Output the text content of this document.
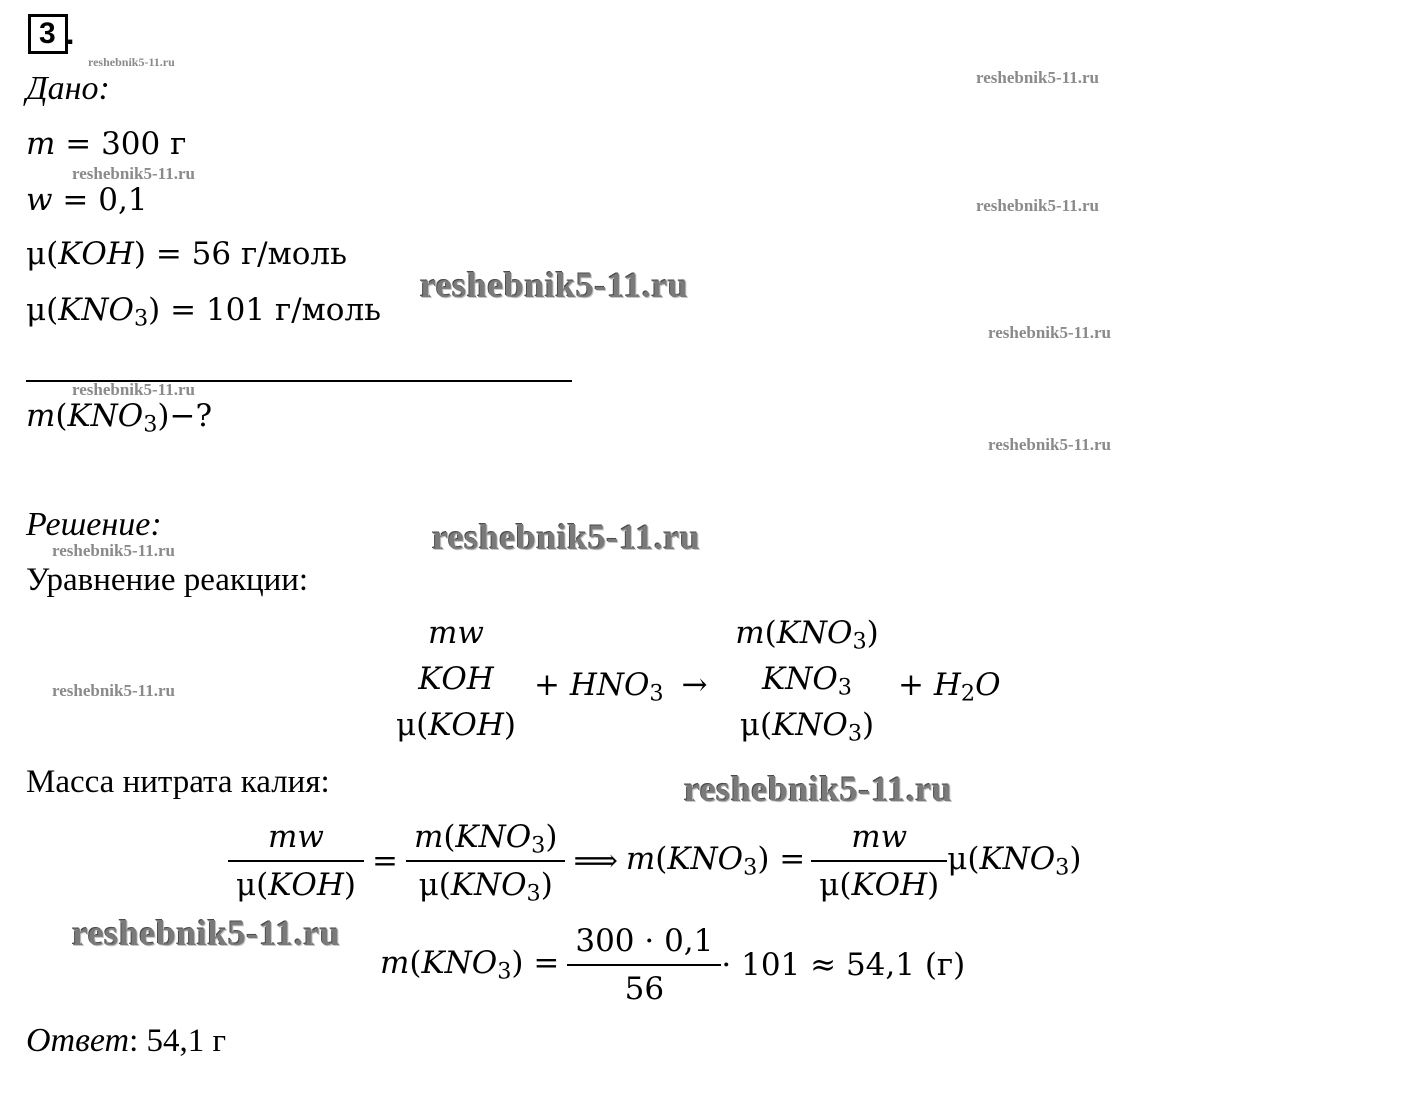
3 .
Дано:
𝑚 = 300 г
𝑤 = 0,1
μ(𝐾𝑂𝐻) = 56 г/моль
μ(𝐾𝑁𝑂$_3$) = 101 г/моль
𝑚(𝐾𝑁𝑂$_3$)−?
Решение:
Уравнение реакции:
𝑚𝑤
𝐾𝑂𝐻
μ(𝐾𝑂𝐻)
+ 𝐻𝑁𝑂$_3$ →
𝑚(𝐾𝑁𝑂$_3$)
𝐾𝑁𝑂$_3$
μ(𝐾𝑁𝑂$_3$)
+ 𝐻$_2$𝑂
Масса нитрата калия:
$\frac{\text{𝑚𝑤}}{\text{μ(𝐾𝑂𝐻)}} = \frac{𝑚(𝐾𝑁𝑂_3)}{\mu(𝐾𝑁𝑂_3)}$ ⟹ 𝑚(𝐾𝑁𝑂$_3$) = $\frac{\text{𝑚𝑤}}{\text{μ(𝐾𝑂𝐻)}}$ μ(𝐾𝑁𝑂$_3$)
𝑚(𝐾𝑁𝑂$_3$) = $\frac{300 \cdot 0,1}{56} \cdot 101 \approx 54,1$ (г)
Ответ: 54,1 г
reshebnik5-11.ru
reshebnik5-11.ru
reshebnik5-11.ru
reshebnik5-11.ru
reshebnik5-11.ru
reshebnik5-11.ru
reshebnik5-11.ru
reshebnik5-11.ru
reshebnik5-11.ru
reshebnik5-11.ru
reshebnik5-11.ru
reshebnik5-11.ru
reshebnik5-11.ru
